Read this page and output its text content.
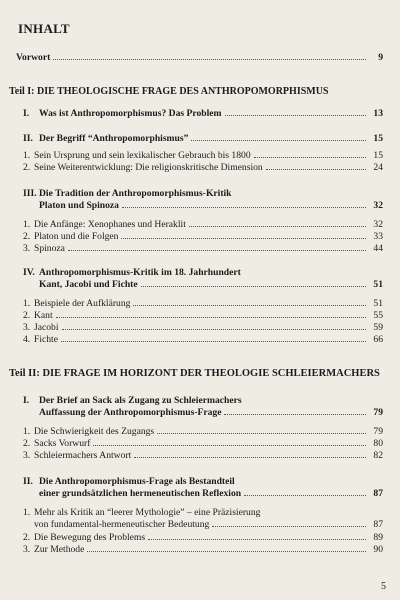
INHALT
Vorwort	9
Teil I: DIE THEOLOGISCHE FRAGE DES ANTHROPOMORPHISMUS
I.	Was ist Anthropomorphismus? Das Problem	13
II. Der Begriff “Anthropomorphismus”	15
1. Sein Ursprung und sein lexikalischer Gebrauch bis 1800	15
2. Seine Weiterentwicklung: Die religionskritische Dimension	24
III. Die Tradition der Anthropomorphismus-Kritik
Platon und Spinoza	32
1. Die Anfänge: Xenophanes und Heraklit	32
2. Platon und die Folgen	33
3. Spinoza	44
IV. Anthropomorphismus-Kritik im 18. Jahrhundert
Kant, Jacobi und Fichte	51
1. Beispiele der Aufklärung	51
2. Kant	55
3. Jacobi	59
4. Fichte	66
Teil II: DIE FRAGE IM HORIZONT DER THEOLOGIE SCHLEIERMACHERS
I. Der Brief an Sack als Zugang zu Schleiermachers
Auffassung der Anthropomorphismus-Frage	79
1. Die Schwierigkeit des Zugangs	79
2. Sacks Vorwurf	80
3. Schleiermachers Antwort	82
II. Die Anthropomorphismus-Frage als Bestandteil
einer grundsätzlichen hermeneutischen Reflexion	87
1. Mehr als Kritik an “leerer Mythologie” – eine Präzisierung
von fundamental-hermeneutischer Bedeutung	87
2. Die Bewegung des Problems	89
3. Zur Methode	90
5
